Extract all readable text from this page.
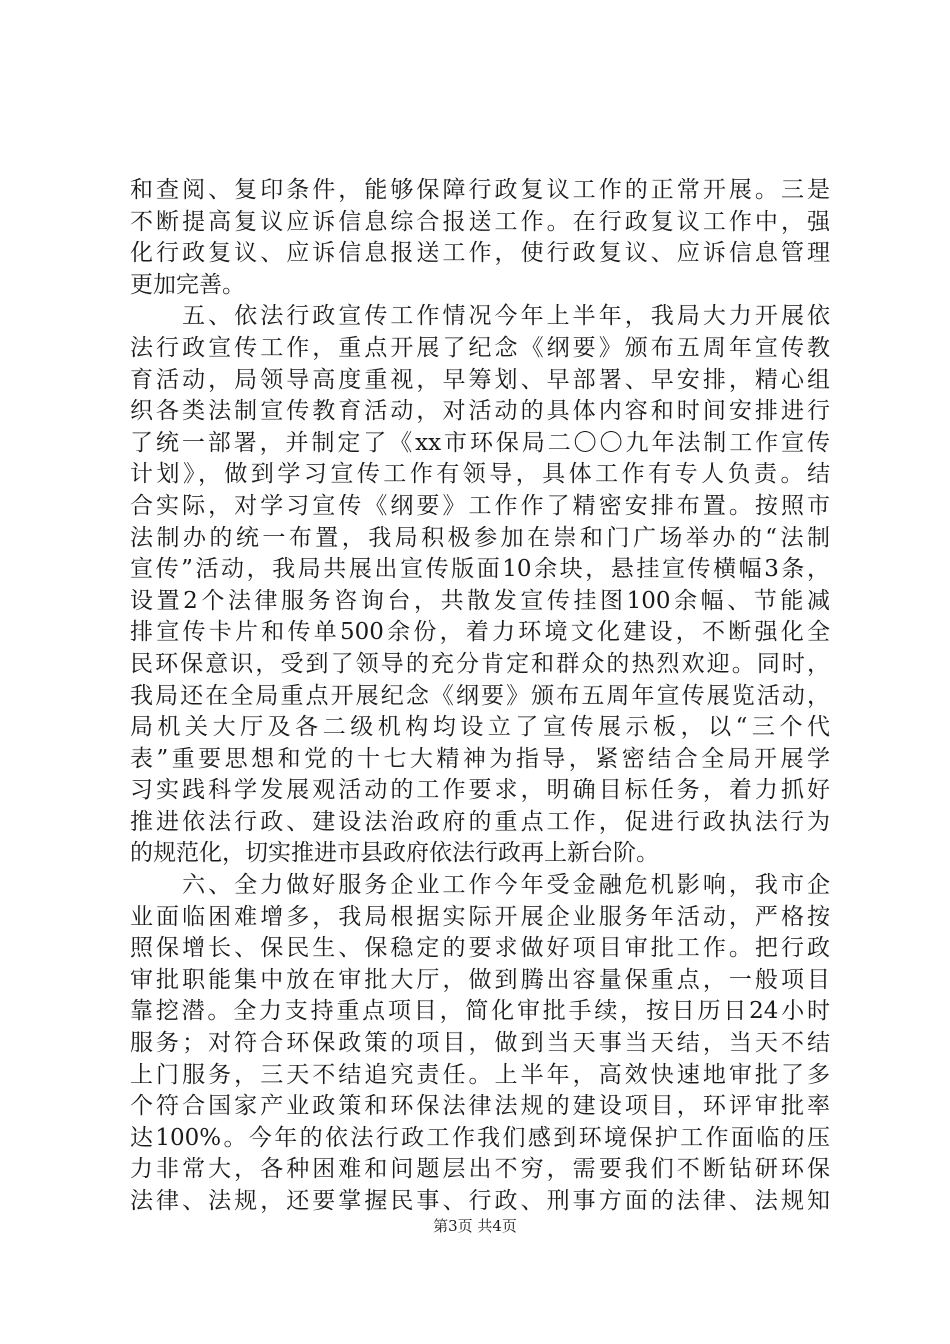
和查阅、复印条件，能够保障行政复议工作的正常开展。三是
不断提高复议应诉信息综合报送工作。在行政复议工作中，强
化行政复议、应诉信息报送工作，使行政复议、应诉信息管理
更加完善。
　　五、依法行政宣传工作情况今年上半年，我局大力开展依
法行政宣传工作，重点开展了纪念《纲要》颁布五周年宣传教
育活动，局领导高度重视，早筹划、早部署、早安排，精心组
织各类法制宣传教育活动，对活动的具体内容和时间安排进行
了统一部署，并制定了《xx市环保局二〇〇九年法制工作宣传
计划》，做到学习宣传工作有领导，具体工作有专人负责。结
合实际，对学习宣传《纲要》工作作了精密安排布置。按照市
法制办的统一布置，我局积极参加在崇和门广场举办的“法制
宣传”活动，我局共展出宣传版面10余块，悬挂宣传横幅3条，
设置2个法律服务咨询台，共散发宣传挂图100余幅、节能减
排宣传卡片和传单500余份，着力环境文化建设，不断强化全
民环保意识，受到了领导的充分肯定和群众的热烈欢迎。同时，
我局还在全局重点开展纪念《纲要》颁布五周年宣传展览活动，
局机关大厅及各二级机构均设立了宣传展示板，以“三个代
表”重要思想和党的十七大精神为指导，紧密结合全局开展学
习实践科学发展观活动的工作要求，明确目标任务，着力抓好
推进依法行政、建设法治政府的重点工作，促进行政执法行为
的规范化，切实推进市县政府依法行政再上新台阶。
　　六、全力做好服务企业工作今年受金融危机影响，我市企
业面临困难增多，我局根据实际开展企业服务年活动，严格按
照保增长、保民生、保稳定的要求做好项目审批工作。把行政
审批职能集中放在审批大厅，做到腾出容量保重点，一般项目
靠挖潜。全力支持重点项目，简化审批手续，按日历日24小时
服务；对符合环保政策的项目，做到当天事当天结，当天不结
上门服务，三天不结追究责任。上半年，高效快速地审批了多
个符合国家产业政策和环保法律法规的建设项目，环评审批率
达100%。今年的依法行政工作我们感到环境保护工作面临的压
力非常大，各种困难和问题层出不穷，需要我们不断钻研环保
法律、法规，还要掌握民事、行政、刑事方面的法律、法规知
第3页 共4页
